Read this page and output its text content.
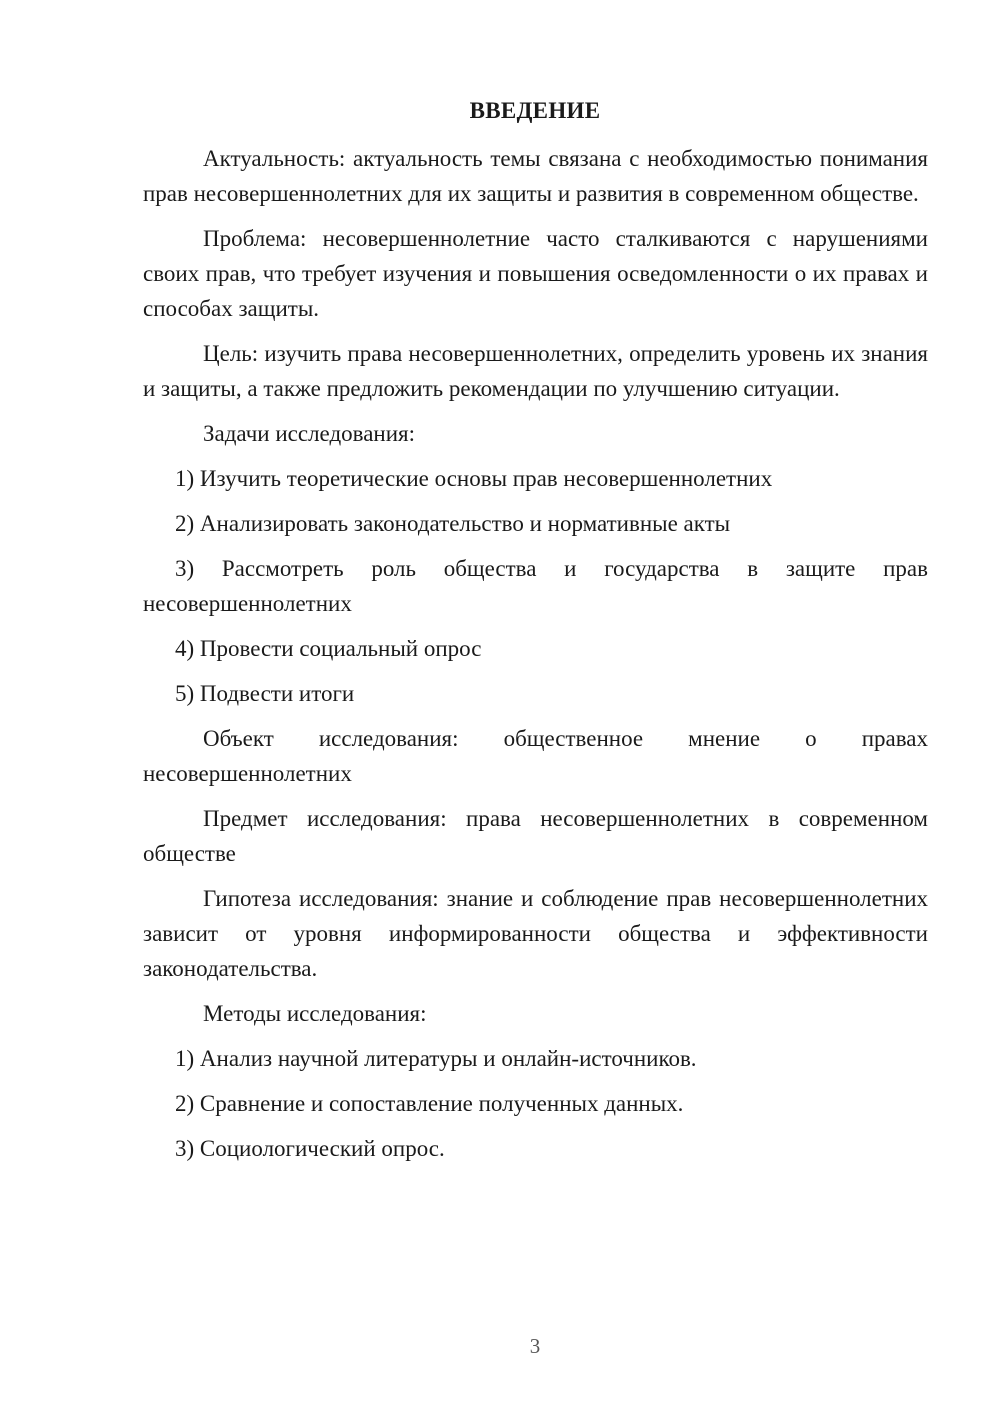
ВВЕДЕНИЕ

Актуальность: актуальность темы связана с необходимостью понимания прав несовершеннолетних для их защиты и развития в современном обществе.

Проблема: несовершеннолетние часто сталкиваются с нарушениями своих прав, что требует изучения и повышения осведомленности о их правах и способах защиты.

Цель: изучить права несовершеннолетних, определить уровень их знания и защиты, а также предложить рекомендации по улучшению ситуации.

Задачи исследования:

1) Изучить теоретические основы прав несовершеннолетних

2) Анализировать законодательство и нормативные акты

3) Рассмотреть роль общества и государства в защите прав несовершеннолетних

4) Провести социальный опрос

5) Подвести итоги

Объект исследования: общественное мнение о правах несовершеннолетних

Предмет исследования: права несовершеннолетних в современном обществе

Гипотеза исследования: знание и соблюдение прав несовершеннолетних зависит от уровня информированности общества и эффективности законодательства.

Методы исследования:

1) Анализ научной литературы и онлайн-источников.

2) Сравнение и сопоставление полученных данных.

3) Социологический опрос.

3
